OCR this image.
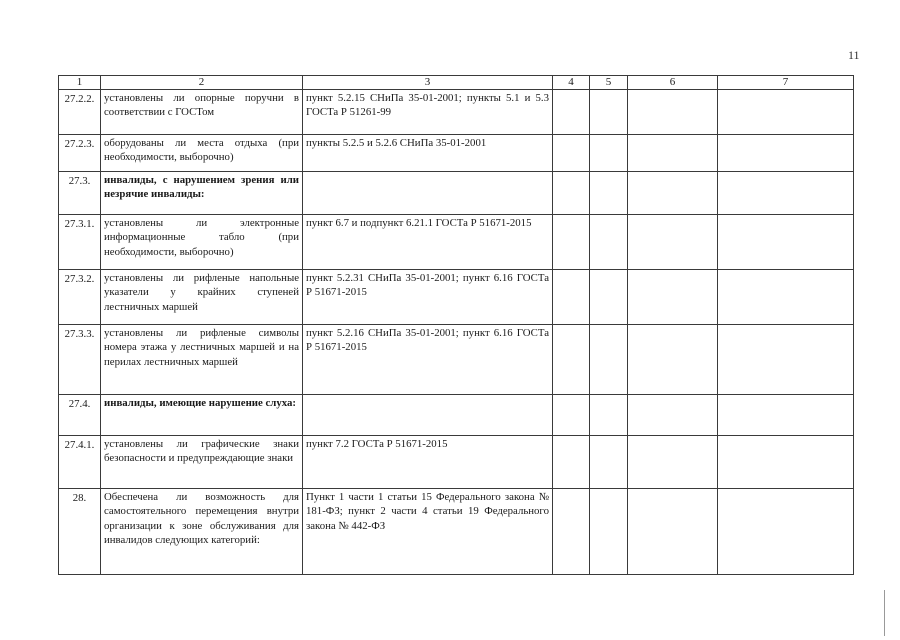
11
1	2	3	4	5	6	7
27.2.2.	установлены ли опорные поручни в соответствии с ГОСТом	пункт 5.2.15 СНиПа 35-01-2001; пункты 5.1 и 5.3 ГОСТа Р 51261-99				
27.2.3.	оборудованы ли места отдыха (при необходимости, выборочно)	пункты 5.2.5 и 5.2.6 СНиПа 35-01-2001				
27.3.	инвалиды, с нарушением зрения или незрячие инвалиды:					
27.3.1.	установлены ли электронные информационные табло (при необходимости, выборочно)	пункт 6.7 и подпункт 6.21.1 ГОСТа Р 51671-2015				
27.3.2.	установлены ли рифленые напольные указатели у крайних ступеней лестничных маршей	пункт 5.2.31 СНиПа 35-01-2001; пункт 6.16 ГОСТа Р 51671-2015				
27.3.3.	установлены ли рифленые символы номера этажа у лестничных маршей и на перилах лестничных маршей	пункт 5.2.16 СНиПа 35-01-2001; пункт 6.16 ГОСТа Р 51671-2015				
27.4.	инвалиды, имеющие нарушение слуха:					
27.4.1.	установлены ли графические знаки безопасности и предупреждающие знаки	пункт 7.2 ГОСТа Р 51671-2015				
28.	Обеспечена ли возможность для самостоятельного перемещения внутри организации к зоне обслуживания для инвалидов следующих категорий:	Пункт 1 части 1 статьи 15 Федерального закона № 181-ФЗ; пункт 2 части 4 статьи 19 Федерального закона № 442-ФЗ				
